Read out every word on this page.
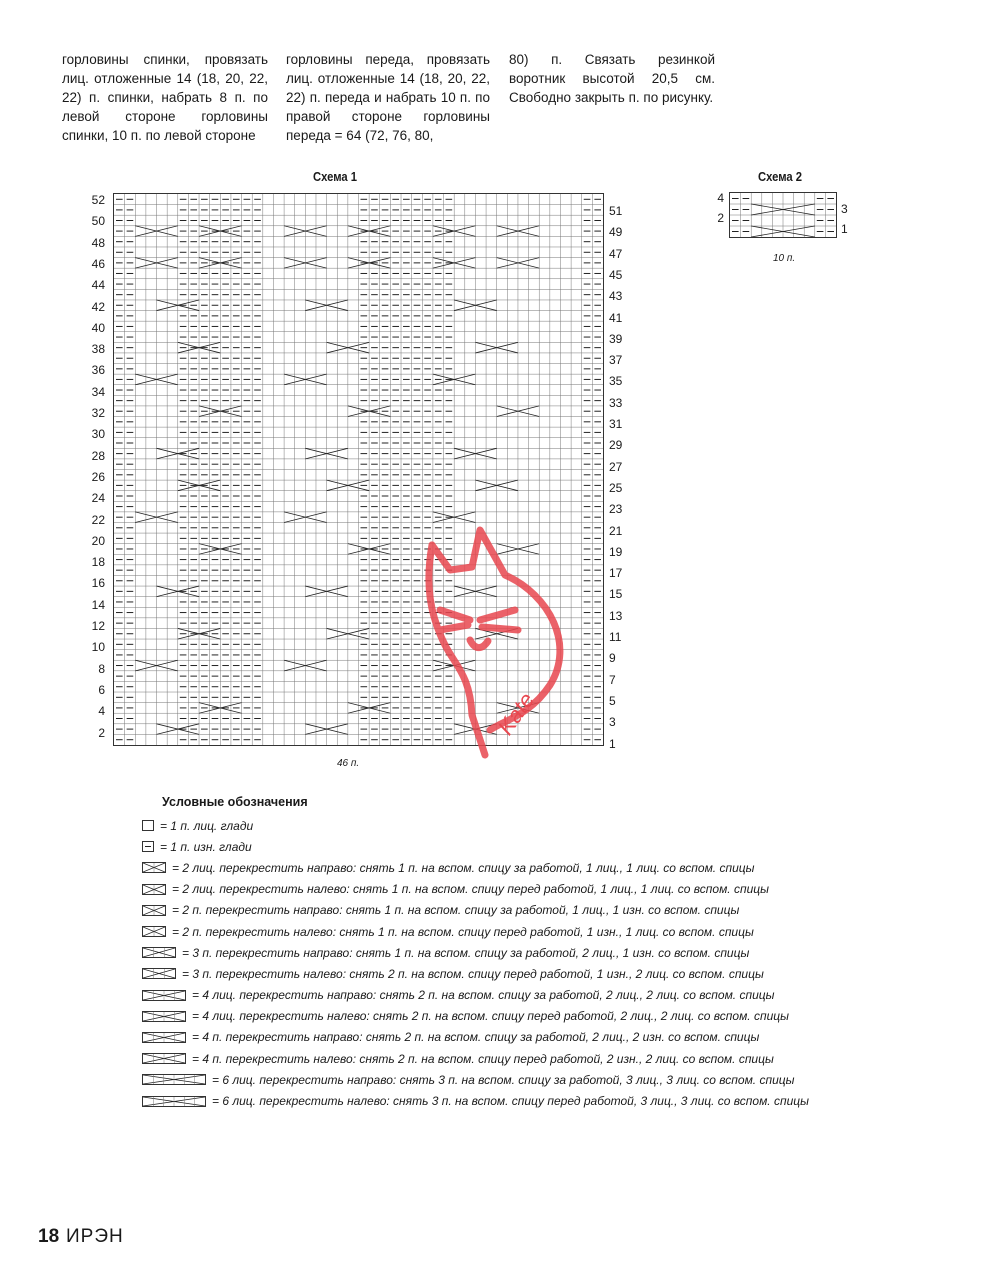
горловины спинки, провязать лиц. отложенные 14 (18, 20, 22, 22) п. спинки, набрать 8 п. по левой стороне горловины спинки, 10 п. по левой стороне

горловины переда, провязать лиц. отложенные 14 (18, 20, 22, 22) п. переда и набрать 10 п. по правой стороне горловины переда = 64 (72, 76, 80,

80) п. Связать резинкой воротник высотой 20,5 см. Свободно закрыть п. по рисунку.

Схема 1
52
50
48
46
44
42
40
38
36
34
32
30
28
26
24
22
20
18
16
14
12
10
8
6
4
2
51
49
47
45
43
41
39
37
35
33
31
29
27
25
23
21
19
17
15
13
11
9
7
5
3
1
46 п.
Kate
Схема 2
4
2
3
1
10 п.
Условные обозначения
= 1 п. лиц. глади
= 1 п. изн. глади
= 2 лиц. перекрестить направо: снять 1 п. на вспом. спицу за работой, 1 лиц., 1 лиц. со вспом. спицы
= 2 лиц. перекрестить налево: снять 1 п. на вспом. спицу перед работой, 1 лиц., 1 лиц. со вспом. спицы
= 2 п. перекрестить направо: снять 1 п. на вспом. спицу за работой, 1 лиц., 1 изн. со вспом. спицы
= 2 п. перекрестить налево: снять 1 п. на вспом. спицу перед работой, 1 изн., 1 лиц. со вспом. спицы
= 3 п. перекрестить направо: снять 1 п. на вспом. спицу за работой, 2 лиц., 1 изн. со вспом. спицы
= 3 п. перекрестить налево: снять 2 п. на вспом. спицу перед работой, 1 изн., 2 лиц. со вспом. спицы
= 4 лиц. перекрестить направо: снять 2 п. на вспом. спицу за работой, 2 лиц., 2 лиц. со вспом. спицы
= 4 лиц. перекрестить налево: снять 2 п. на вспом. спицу перед работой, 2 лиц., 2 лиц. со вспом. спицы
= 4 п. перекрестить направо: снять 2 п. на вспом. спицу за работой, 2 лиц., 2 изн. со вспом. спицы
= 4 п. перекрестить налево: снять 2 п. на вспом. спицу перед работой, 2 изн., 2 лиц. со вспом. спицы
= 6 лиц. перекрестить направо: снять 3 п. на вспом. спицу за работой, 3 лиц., 3 лиц. со вспом. спицы
= 6 лиц. перекрестить налево: снять 3 п. на вспом. спицу перед работой, 3 лиц., 3 лиц. со вспом. спицы
18 ИРЭН
